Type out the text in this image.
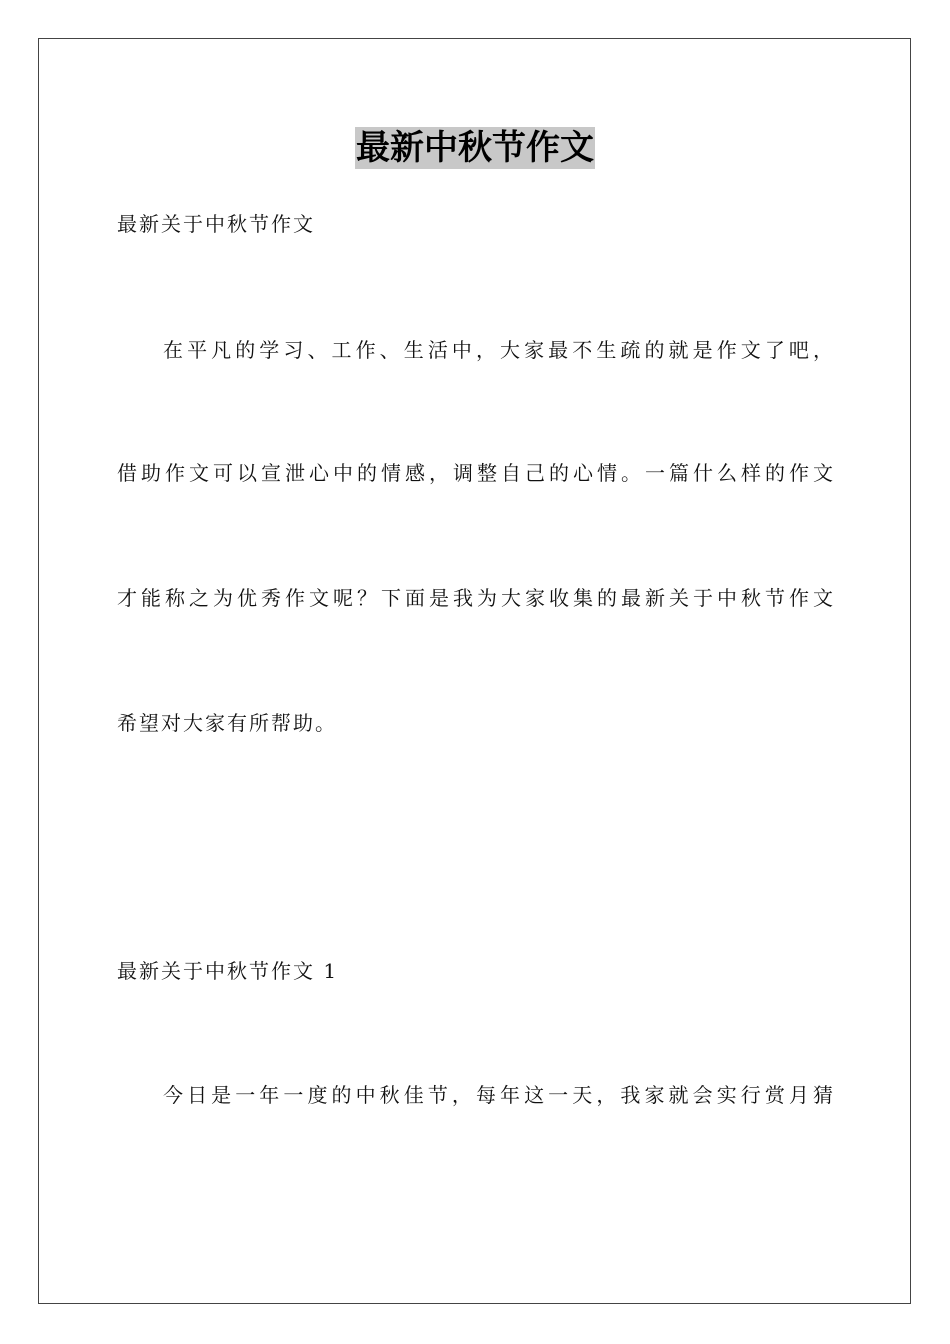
最新中秋节作文
最新关于中秋节作文
在平凡的学习、工作、生活中，大家最不生疏的就是作文了吧，
借助作文可以宣泄心中的情感，调整自己的心情。一篇什么样的作文
才能称之为优秀作文呢？下面是我为大家收集的最新关于中秋节作文
希望对大家有所帮助。
最新关于中秋节作文 1
今日是一年一度的中秋佳节，每年这一天，我家就会实行赏月猜
